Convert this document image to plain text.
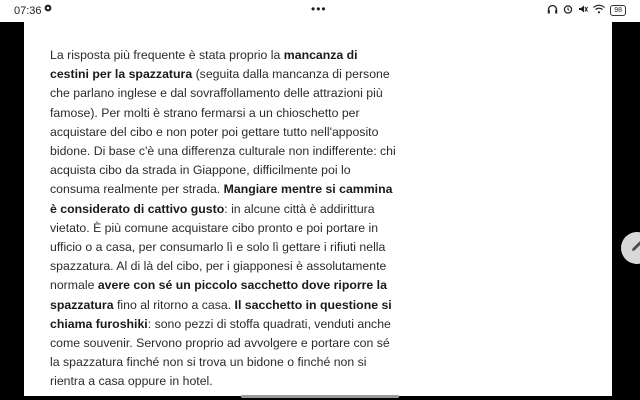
07:36	•••	98

La risposta più frequente è stata proprio la mancanza di cestini per la spazzatura (seguita dalla mancanza di persone che parlano inglese e dal sovraffollamento delle attrazioni più famose). Per molti è strano fermarsi a un chioschetto per acquistare del cibo e non poter poi gettare tutto nell'apposito bidone. Di base c'è una differenza culturale non indifferente: chi acquista cibo da strada in Giappone, difficilmente poi lo consuma realmente per strada. Mangiare mentre si cammina è considerato di cattivo gusto: in alcune città è addirittura vietato. È più comune acquistare cibo pronto e poi portare in ufficio o a casa, per consumarlo lì e solo lì gettare i rifiuti nella spazzatura. Al di là del cibo, per i giapponesi è assolutamente normale avere con sé un piccolo sacchetto dove riporre la spazzatura fino al ritorno a casa. Il sacchetto in questione si chiama furoshiki: sono pezzi di stoffa quadrati, venduti anche come souvenir. Servono proprio ad avvolgere e portare con sé la spazzatura finché non si trova un bidone o finché non si rientra a casa oppure in hotel.
